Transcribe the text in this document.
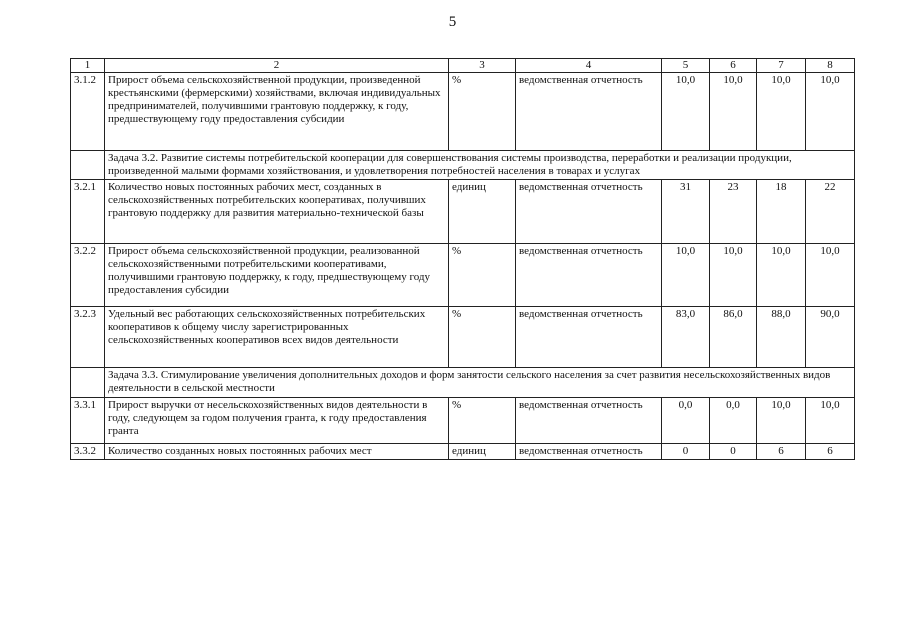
5
1	2	3	4	5	6	7	8
3.1.2	Прирост объема сельскохозяйственной продукции, произведенной крестьянскими (фермерскими) хозяйствами, включая индивидуальных предпринимателей, получившими грантовую поддержку, к году, предшествующему году предоставления субсидии	%	ведомственная отчетность	10,0	10,0	10,0	10,0
	Задача 3.2. Развитие системы потребительской кооперации для совершенствования системы производства, переработки и реализации продукции, произведенной малыми формами хозяйствования, и удовлетворения потребностей населения в товарах и услугах						
3.2.1	Количество новых постоянных рабочих мест, созданных в сельскохозяйственных потребительских кооперативах, получивших грантовую поддержку для развития материально-технической базы	единиц	ведомственная отчетность	31	23	18	22
3.2.2	Прирост объема сельскохозяйственной продукции, реализованной сельскохозяйственными потребительскими кооперативами, получившими грантовую поддержку, к году, предшествующему году предоставления субсидии	%	ведомственная отчетность	10,0	10,0	10,0	10,0
3.2.3	Удельный вес работающих сельскохозяйственных потребительских кооперативов к общему числу зарегистрированных сельскохозяйственных кооперативов всех видов деятельности	%	ведомственная отчетность	83,0	86,0	88,0	90,0
	Задача 3.3. Стимулирование увеличения дополнительных доходов и форм занятости сельского населения за счет развития несельскохозяйственных видов деятельности в сельской местности						
3.3.1	Прирост выручки от несельскохозяйственных видов деятельности в году, следующем за годом получения гранта, к году предоставления гранта	%	ведомственная отчетность	0,0	0,0	10,0	10,0
3.3.2	Количество созданных новых постоянных рабочих мест	единиц	ведомственная отчетность	0	0	6	6
